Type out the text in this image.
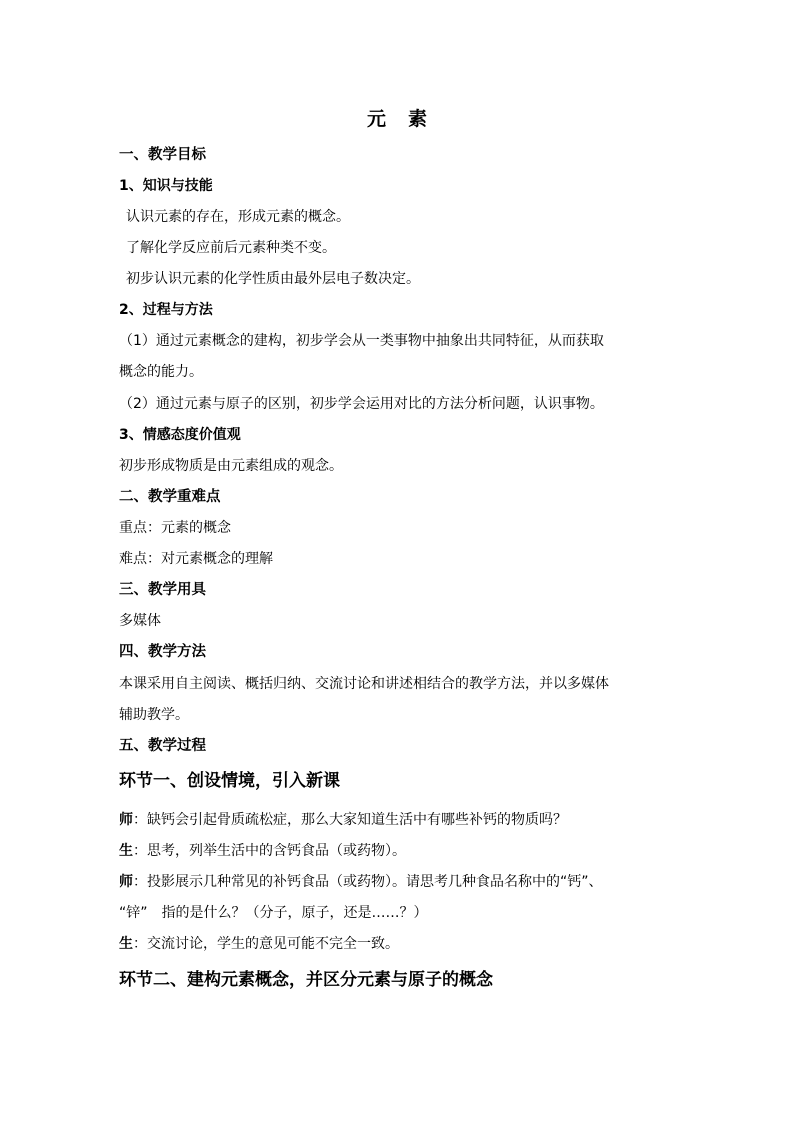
元 素
一、教学目标
1、知识与技能
认识元素的存在，形成元素的概念。
了解化学反应前后元素种类不变。
初步认识元素的化学性质由最外层电子数决定。
2、过程与方法
（1）通过元素概念的建构，初步学会从一类事物中抽象出共同特征，从而获取
概念的能力。
（2）通过元素与原子的区别，初步学会运用对比的方法分析问题，认识事物。
3、情感态度价值观
初步形成物质是由元素组成的观念。
二、教学重难点
重点：元素的概念
难点：对元素概念的理解
三、教学用具
多媒体
四、教学方法
本课采用自主阅读、概括归纳、交流讨论和讲述相结合的教学方法，并以多媒体
辅助教学。
五、教学过程
环节一、创设情境，引入新课
师：缺钙会引起骨质疏松症，那么大家知道生活中有哪些补钙的物质吗？
生：思考，列举生活中的含钙食品（或药物）。
师：投影展示几种常见的补钙食品（或药物）。请思考几种食品名称中的“钙”、
“锌”　指的是什么？（分子，原子，还是……？）
生：交流讨论，学生的意见可能不完全一致。
环节二、建构元素概念，并区分元素与原子的概念
